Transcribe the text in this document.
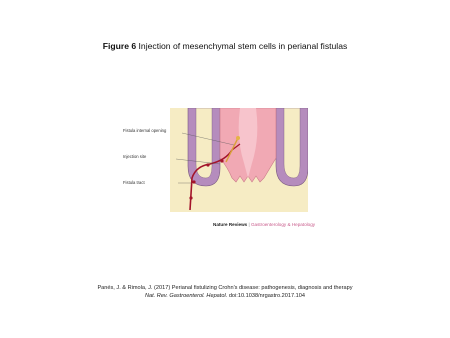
Figure 6 Injection of mesenchymal stem cells in perianal fistulas
Fistula internal opening
Injection site
Fistula tract
Nature Reviews | Gastroenterology & Hepatology
Panés, J. & Rimola, J. (2017) Perianal fistulizing Crohn's disease: pathogenesis, diagnosis and therapy
Nat. Rev. Gastroenterol. Hepatol. doi:10.1038/nrgastro.2017.104
